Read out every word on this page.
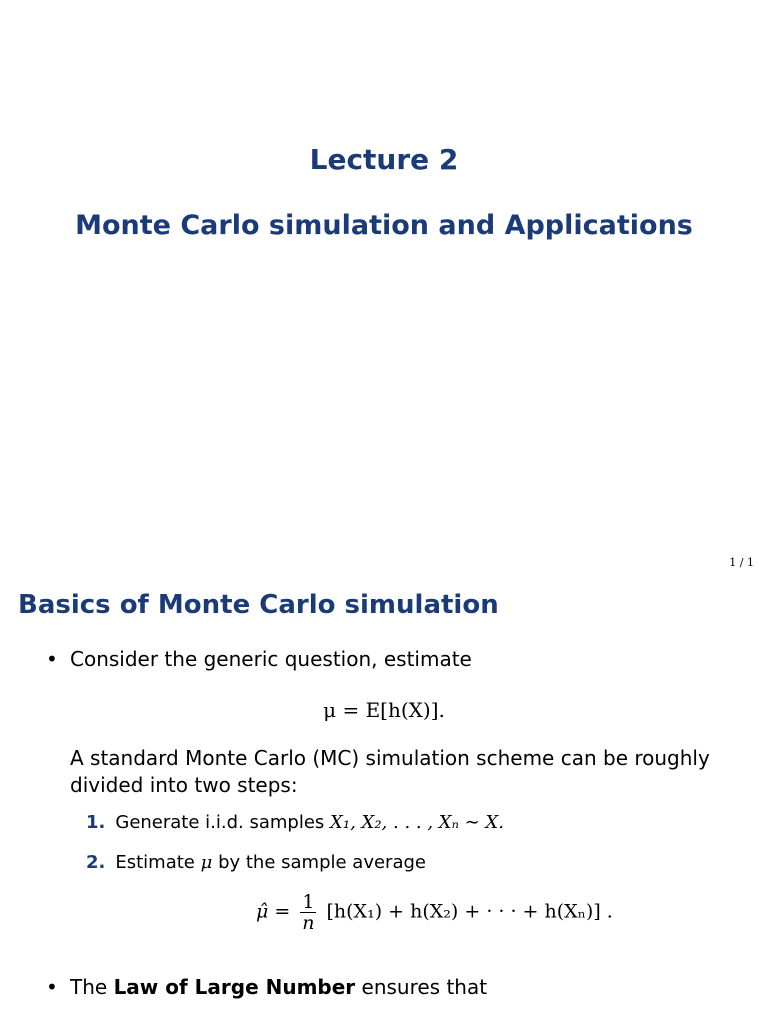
Lecture 2
Monte Carlo simulation and Applications
1 / 1
Basics of Monte Carlo simulation
• Consider the generic question, estimate
μ = E[h(X)].
A standard Monte Carlo (MC) simulation scheme can be roughly divided into two steps:
1. Generate i.i.d. samples X₁, X₂, . . . , Xₙ ∼ X.
2. Estimate μ by the sample average
μ̂ = $\frac{1}{n} [h(X_1) + h(X_2)$ + · · · + h(Xₙ)] .
• The Law of Large Number ensures that
